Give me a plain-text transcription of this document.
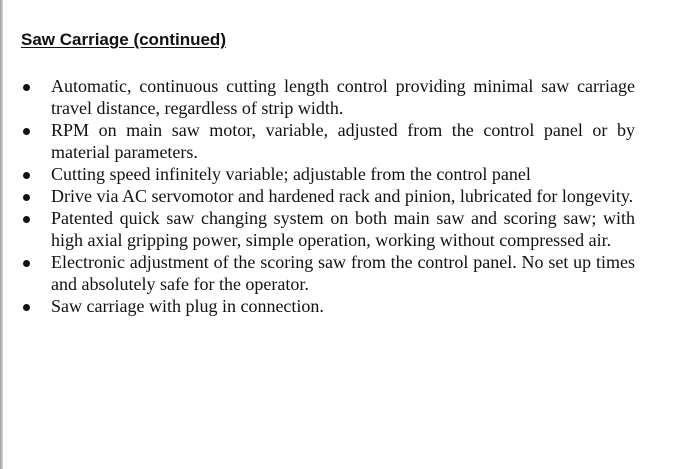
Saw Carriage (continued)
Automatic, continuous cutting length control providing minimal saw carriage travel distance, regardless of strip width.
RPM on main saw motor, variable, adjusted from the control panel or by material parameters.
Cutting speed infinitely variable; adjustable from the control panel
Drive via AC servomotor and hardened rack and pinion, lubricated for longevity.
Patented quick saw changing system on both main saw and scoring saw; with high axial gripping power, simple operation, working without compressed air.
Electronic adjustment of the scoring saw from the control panel. No set up times and absolutely safe for the operator.
Saw carriage with plug in connection.
